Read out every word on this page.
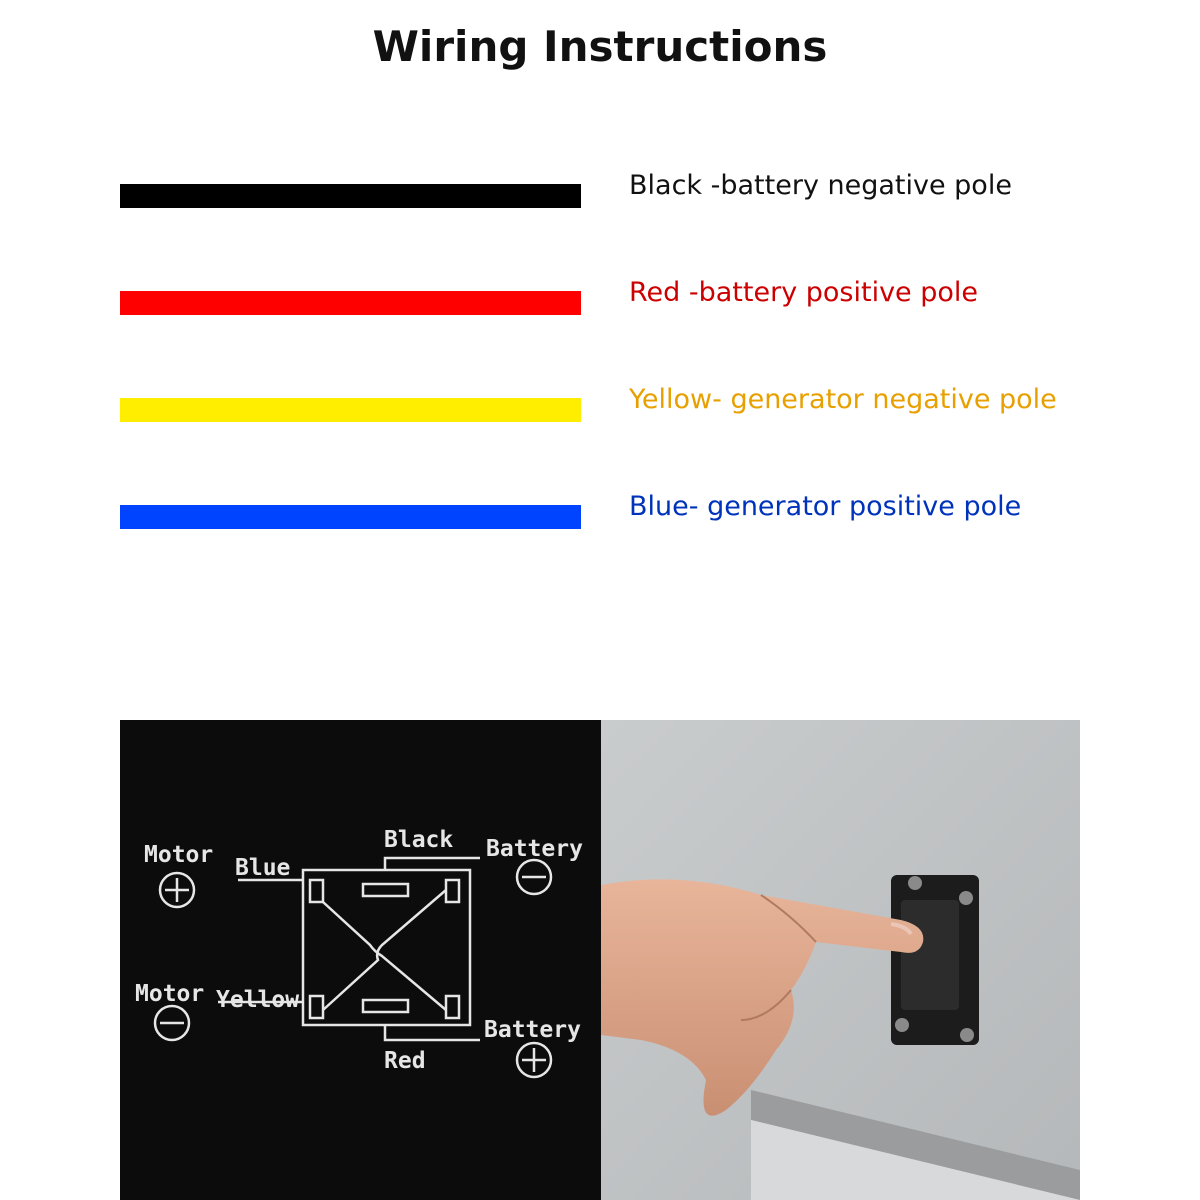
Wiring Instructions
Black -battery negative pole
Red -battery positive pole
Yellow- generator negative pole
Blue- generator positive pole
Motor Blue
Black Battery
Motor Yellow
Battery
Red
